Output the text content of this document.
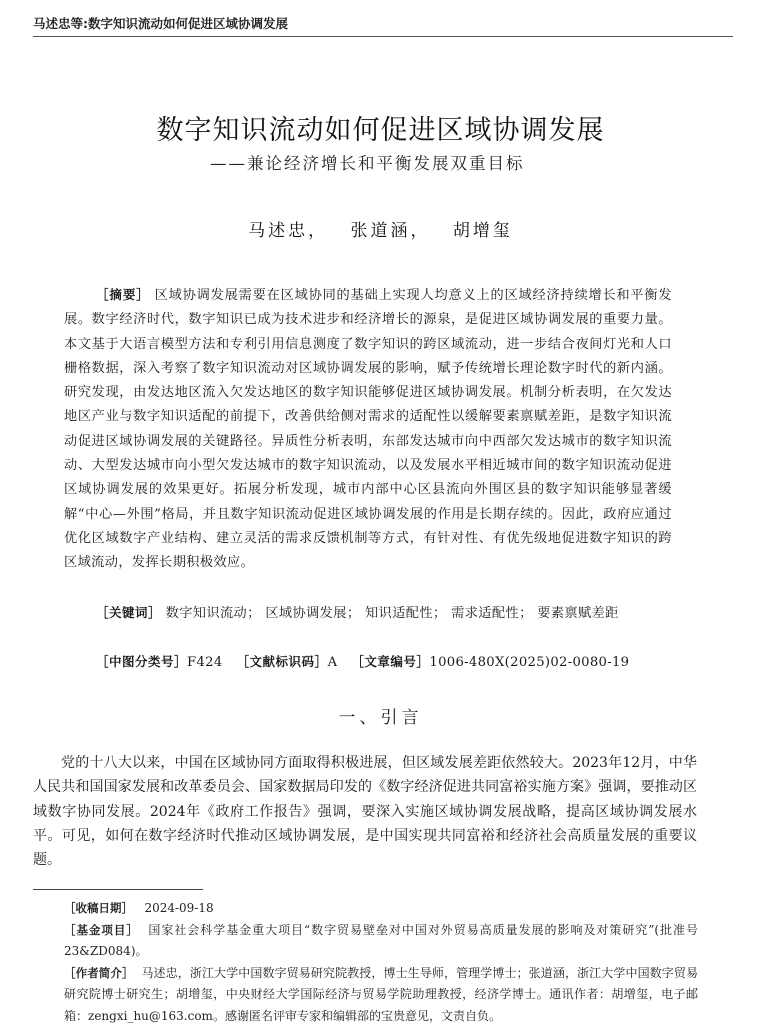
马述忠等:数字知识流动如何促进区域协调发展
数字知识流动如何促进区域协调发展
——兼论经济增长和平衡发展双重目标
马述忠， 张道涵， 胡增玺
［摘要］ 区域协调发展需要在区域协同的基础上实现人均意义上的区域经济持续增长和平衡发展。数字经济时代，数字知识已成为技术进步和经济增长的源泉，是促进区域协调发展的重要力量。本文基于大语言模型方法和专利引用信息测度了数字知识的跨区域流动，进一步结合夜间灯光和人口栅格数据，深入考察了数字知识流动对区域协调发展的影响，赋予传统增长理论数字时代的新内涵。研究发现，由发达地区流入欠发达地区的数字知识能够促进区域协调发展。机制分析表明，在欠发达地区产业与数字知识适配的前提下，改善供给侧对需求的适配性以缓解要素禀赋差距，是数字知识流动促进区域协调发展的关键路径。异质性分析表明，东部发达城市向中西部欠发达城市的数字知识流动、大型发达城市向小型欠发达城市的数字知识流动，以及发展水平相近城市间的数字知识流动促进区域协调发展的效果更好。拓展分析发现，城市内部中心区县流向外围区县的数字知识能够显著缓解“中心—外围”格局，并且数字知识流动促进区域协调发展的作用是长期存续的。因此，政府应通过优化区域数字产业结构、建立灵活的需求反馈机制等方式，有针对性、有优先级地促进数字知识的跨区域流动，发挥长期积极效应。
［关键词］ 数字知识流动； 区域协调发展； 知识适配性； 需求适配性； 要素禀赋差距
［中图分类号］F424 ［文献标识码］A ［文章编号］1006-480X(2025)02-0080-19
一、引言
党的十八大以来，中国在区域协同方面取得积极进展，但区域发展差距依然较大。2023年12月，中华人民共和国国家发展和改革委员会、国家数据局印发的《数字经济促进共同富裕实施方案》强调，要推动区域数字协同发展。2024年《政府工作报告》强调，要深入实施区域协调发展战略，提高区域协调发展水平。可见，如何在数字经济时代推动区域协调发展，是中国实现共同富裕和经济社会高质量发展的重要议题。

［收稿日期］ 2024-09-18

［基金项目］ 国家社会科学基金重大项目“数字贸易壁垒对中国对外贸易高质量发展的影响及对策研究”(批准号23&ZD084)。

［作者简介］ 马述忠，浙江大学中国数字贸易研究院教授，博士生导师，管理学博士；张道涵，浙江大学中国数字贸易研究院博士研究生；胡增玺，中央财经大学国际经济与贸易学院助理教授，经济学博士。通讯作者：胡增玺，电子邮箱：zengxi_hu@163.com。感谢匿名评审专家和编辑部的宝贵意见，文责自负。
